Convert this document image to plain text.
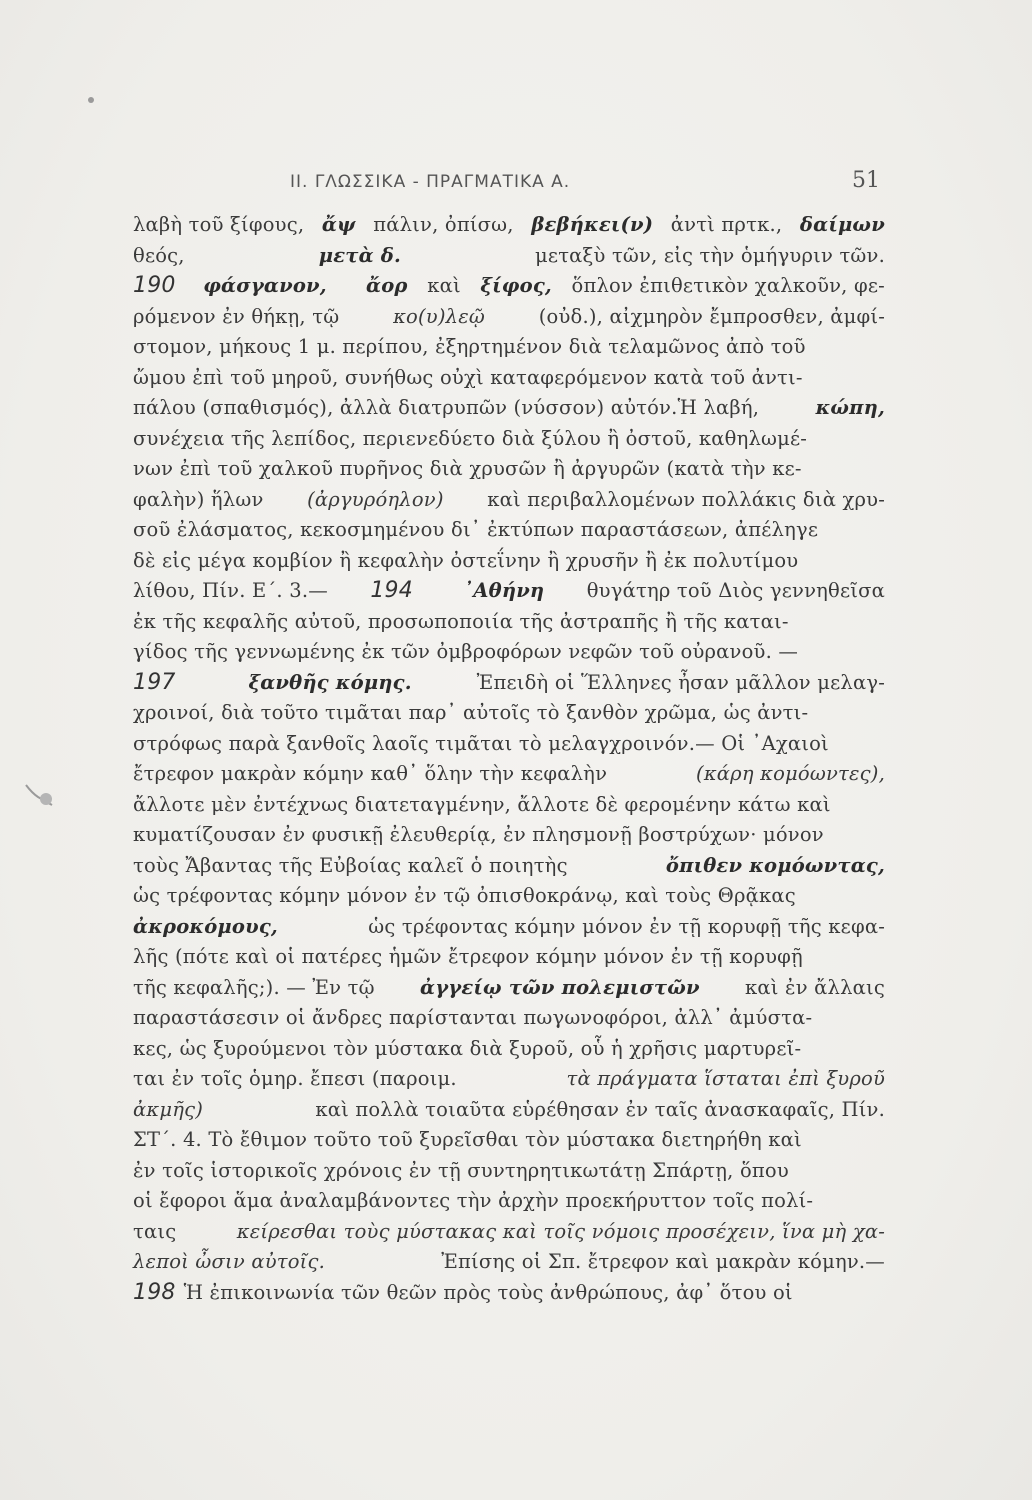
II. ΓΛΩΣΣΙΚΑ - ΠΡΑΓΜΑΤΙΚΑ Α.	51
λαβὴ τοῦ ξίφους, ἄψ πάλιν, ὀπίσω, βεβήκει(ν) ἀντὶ πρτκ., δαίμων
θεός,	μετὰ δ.	μεταξὺ τῶν, εἰς τὴν ὁμήγυριν τῶν.
190 φάσγανον, ἄορ καὶ ξίφος, ὅπλον ἐπιθετικὸν χαλκοῦν, φε-
ρόμενον ἐν θήκῃ, τῷ	κο(υ)λεῷ	(οὐδ.), αἰχμηρὸν ἔμπροσθεν, ἀμφί-
στομον, μήκους 1 μ. περίπου, ἐξηρτημένον διὰ τελαμῶνος ἀπὸ τοῦ
ὤμου ἐπὶ τοῦ μηροῦ, συνήθως οὐχὶ καταφερόμενον κατὰ τοῦ ἀντι-
πάλου (σπαθισμός), ἀλλὰ διατρυπῶν (νύσσον) αὐτόν.Ἡ λαβή,	κώπη,
συνέχεια τῆς λεπίδος, περιενεδύετο διὰ ξύλου ἢ ὀστοῦ, καθηλωμέ-
νων ἐπὶ τοῦ χαλκοῦ πυρῆνος διὰ χρυσῶν ἢ ἀργυρῶν (κατὰ τὴν κε-
φαλὴν) ἥλων (ἀργυρόηλον) καὶ περιβαλλομένων πολλάκις διὰ χρυ-
σοῦ ἐλάσματος, κεκοσμημένου δι᾽ ἐκτύπων παραστάσεων, ἀπέληγε
δὲ εἰς μέγα κομβίον ἢ κεφαλὴν ὀστεΐνην ἢ χρυσῆν ἢ ἐκ πολυτίμου
λίθου, Πίν. Ε΄. 3.— 194	᾿Αθήνη θυγάτηρ τοῦ Διὸς γεννηθεῖσα
ἐκ τῆς κεφαλῆς αὐτοῦ, προσωποποιία τῆς ἀστραπῆς ἢ τῆς καται-
γίδος τῆς γεννωμένης ἐκ τῶν ὀμβροφόρων νεφῶν τοῦ οὐρανοῦ. —
197	ξανθῆς κόμης.	Ἐπειδὴ οἱ Ἕλληνες ἦσαν μᾶλλον μελαγ-
χροινοί, διὰ τοῦτο τιμᾶται παρ᾽ αὐτοῖς τὸ ξανθὸν χρῶμα, ὡς ἀντι-
στρόφως παρὰ ξανθοῖς λαοῖς τιμᾶται τὸ μελαγχροινόν.— Οἱ ᾿Αχαιοὶ
ἔτρεφον μακρὰν κόμην καθ᾽ ὅλην τὴν κεφαλὴν	(κάρη κομόωντες),
ἄλλοτε μὲν ἐντέχνως διατεταγμένην, ἄλλοτε δὲ φερομένην κάτω καὶ
κυματίζουσαν ἐν φυσικῇ ἐλευθερίᾳ, ἐν πλησμονῇ βοστρύχων· μόνον
τοὺς Ἄβαντας τῆς Εὐβοίας καλεῖ ὁ ποιητὴς	ὄπιθεν κομόωντας,
ὡς τρέφοντας κόμην μόνον ἐν τῷ ὀπισθοκράνῳ, καὶ τοὺς Θρᾷκας
ἀκροκόμους,	ὡς τρέφοντας κόμην μόνον ἐν τῇ κορυφῇ τῆς κεφα-
λῆς (πότε καὶ οἱ πατέρες ἡμῶν ἔτρεφον κόμην μόνον ἐν τῇ κορυφῇ
τῆς κεφαλῆς;). — Ἐν τῷ ἀγγείῳ τῶν πολεμιστῶν καὶ ἐν ἄλλαις
παραστάσεσιν οἱ ἄνδρες παρίστανται πωγωνοφόροι, ἀλλ᾽ ἀμύστα-
κες, ὡς ξυρούμενοι τὸν μύστακα διὰ ξυροῦ, οὗ ἡ χρῆσις μαρτυρεῖ-
ται ἐν τοῖς ὁμηρ. ἔπεσι (παροιμ.	τὰ πράγματα ἵσταται ἐπὶ ξυροῦ
ἀκμῆς)	καὶ πολλὰ τοιαῦτα εὑρέθησαν ἐν ταῖς ἀνασκαφαῖς, Πίν.
ΣΤ΄. 4. Τὸ ἔθιμον τοῦτο τοῦ ξυρεῖσθαι τὸν μύστακα διετηρήθη καὶ
ἐν τοῖς ἱστορικοῖς χρόνοις ἐν τῇ συντηρητικωτάτῃ Σπάρτῃ, ὅπου
οἱ ἔφοροι ἅμα ἀναλαμβάνοντες τὴν ἀρχὴν προεκήρυττον τοῖς πολί-
ταις	κείρεσθαι τοὺς μύστακας καὶ τοῖς νόμοις προσέχειν, ἵνα μὴ χα-
λεποὶ ὦσιν αὐτοῖς.	Ἐπίσης οἱ Σπ. ἔτρεφον καὶ μακρὰν κόμην.—
198 Ἡ ἐπικοινωνία τῶν θεῶν πρὸς τοὺς ἀνθρώπους, ἀφ᾽ ὅτου οἱ
